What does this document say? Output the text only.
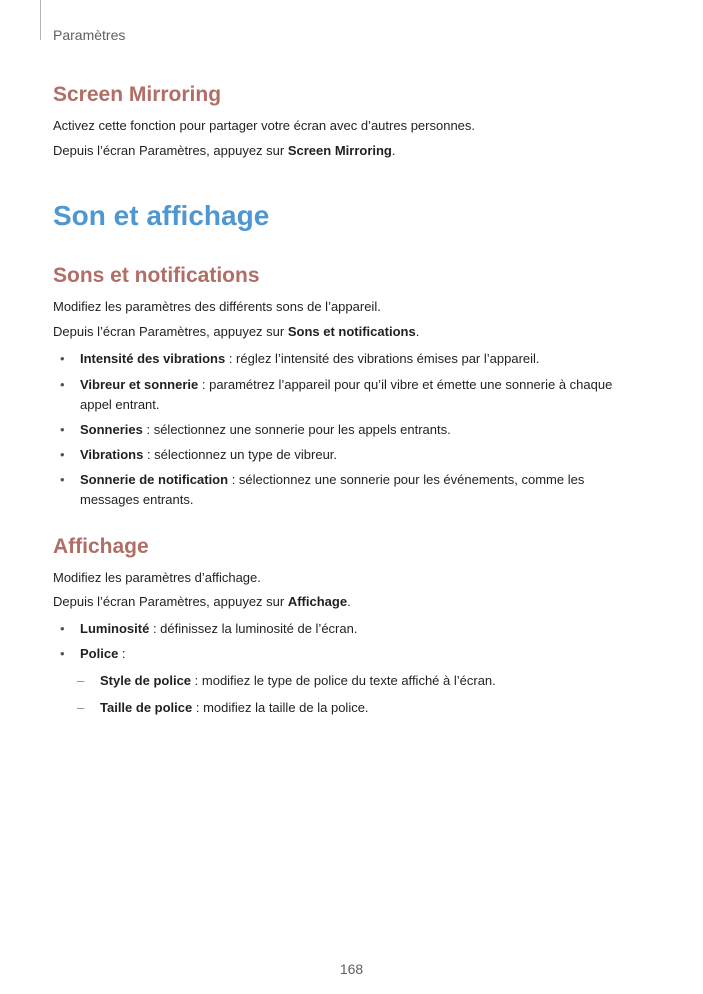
Paramètres
Screen Mirroring
Activez cette fonction pour partager votre écran avec d’autres personnes.
Depuis l’écran Paramètres, appuyez sur Screen Mirroring.
Son et affichage
Sons et notifications
Modifiez les paramètres des différents sons de l’appareil.
Depuis l’écran Paramètres, appuyez sur Sons et notifications.
•	Intensité des vibrations : réglez l’intensité des vibrations émises par l’appareil.
•	Vibreur et sonnerie : paramétrez l’appareil pour qu’il vibre et émette une sonnerie à chaque appel entrant.
•	Sonneries : sélectionnez une sonnerie pour les appels entrants.
•	Vibrations : sélectionnez un type de vibreur.
•	Sonnerie de notification : sélectionnez une sonnerie pour les événements, comme les messages entrants.
Affichage
Modifiez les paramètres d’affichage.
Depuis l’écran Paramètres, appuyez sur Affichage.
•	Luminosité : définissez la luminosité de l’écran.
•	Police :
– Style de police : modifiez le type de police du texte affiché à l’écran.
– Taille de police : modifiez la taille de la police.
168
